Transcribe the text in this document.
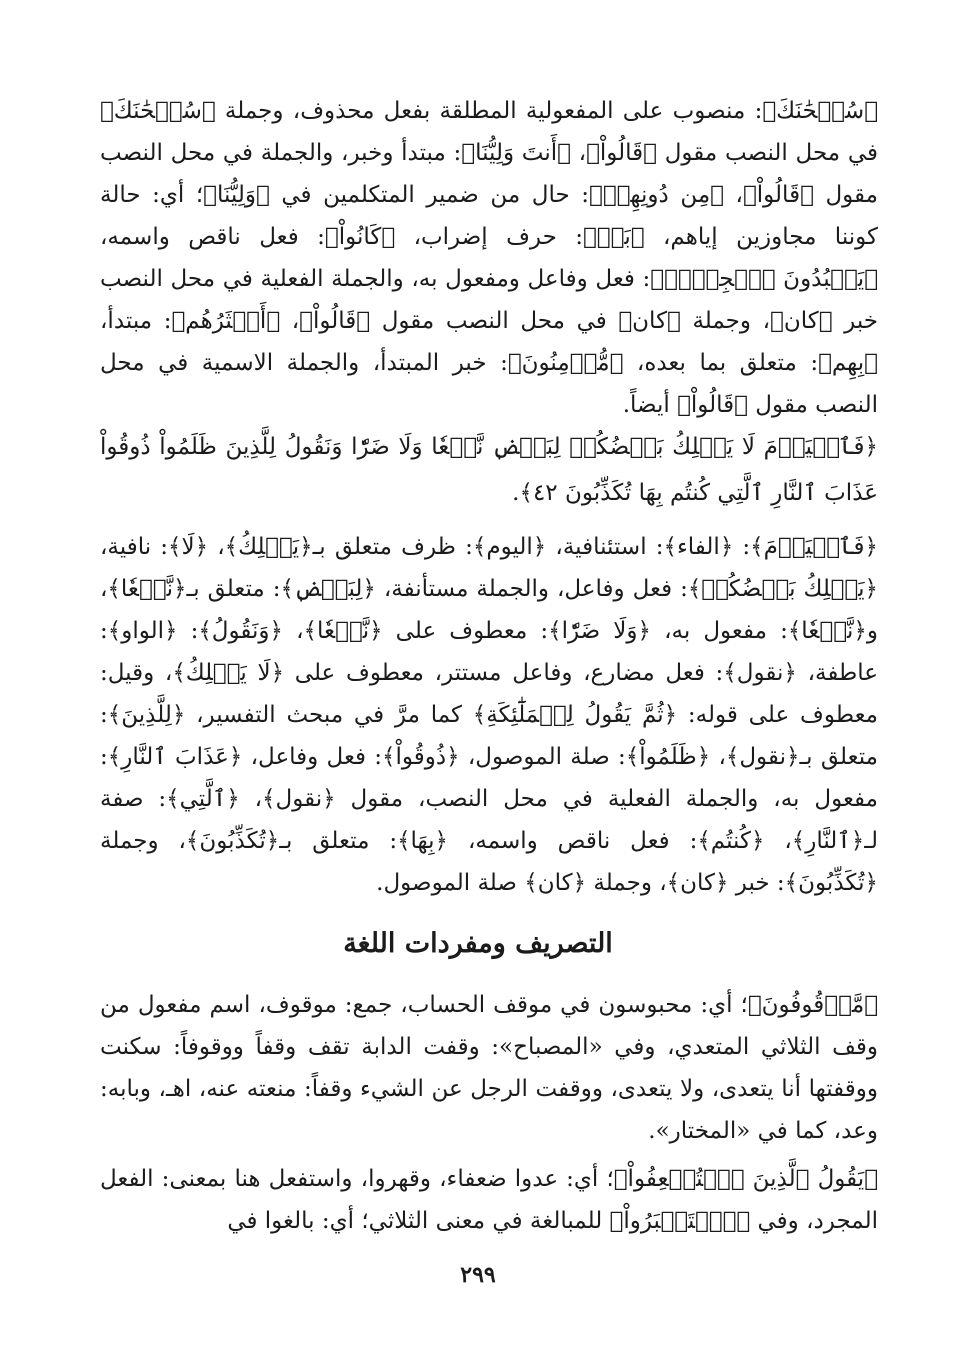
﴿سُبۡحَٰنَكَ﴾: منصوب على المفعولية المطلقة بفعل محذوف، وجملة ﴿سُبۡحَٰنَكَ﴾ في محل النصب مقول ﴿قَالُواْ﴾، ﴿أَنتَ وَلِيُّنَا﴾: مبتدأ وخبر، والجملة في محل النصب مقول ﴿قَالُواْ﴾، ﴿مِن دُونِهِمۖ﴾: حال من ضمير المتكلمين في ﴿وَلِيُّنَا﴾؛ أي: حالة كوننا مجاوزين إياهم، ﴿بَلۡ﴾: حرف إضراب، ﴿كَانُواْ﴾: فعل ناقص واسمه، ﴿يَعۡبُدُونَ ٱلۡجِنَّۖ﴾: فعل وفاعل ومفعول به، والجملة الفعلية في محل النصب خبر ﴿كان﴾، وجملة ﴿كان﴾ في محل النصب مقول ﴿قَالُواْ﴾، ﴿أَكۡثَرُهُم﴾: مبتدأ، ﴿بِهِم﴾: متعلق بما بعده، ﴿مُّؤۡمِنُونَ﴾: خبر المبتدأ، والجملة الاسمية في محل النصب مقول ﴿قَالُواْ﴾ أيضاً.

﴿فَٱلۡيَوۡمَ لَا يَمۡلِكُ بَعۡضُكُمۡ لِبَعۡضٖ نَّفۡعٗا وَلَا ضَرّٗا وَنَقُولُ لِلَّذِينَ ظَلَمُواْ ذُوقُواْ عَذَابَ ٱلنَّارِ ٱلَّتِي كُنتُم بِهَا تُكَذِّبُونَ ٤٢﴾.

﴿فَٱلۡيَوۡمَ﴾: ﴿الفاء﴾: استئنافية، ﴿اليوم﴾: ظرف متعلق بـ﴿يَمۡلِكُ﴾، ﴿لَا﴾: نافية، ﴿يَمۡلِكُ بَعۡضُكُمۡ﴾: فعل وفاعل، والجملة مستأنفة، ﴿لِبَعۡضٖ﴾: متعلق بـ﴿نَّفۡعٗا﴾، و﴿نَّفۡعٗا﴾: مفعول به، ﴿وَلَا ضَرّٗا﴾: معطوف على ﴿نَّفۡعٗا﴾، ﴿وَنَقُولُ﴾: ﴿الواو﴾: عاطفة، ﴿نقول﴾: فعل مضارع، وفاعل مستتر، معطوف على ﴿لَا يَمۡلِكُ﴾، وقيل: معطوف على قوله: ﴿ثُمَّ يَقُولُ لِلۡمَلَٰٓئِكَةِ﴾ كما مرَّ في مبحث التفسير، ﴿لِلَّذِينَ﴾: متعلق بـ﴿نقول﴾، ﴿ظَلَمُواْ﴾: صلة الموصول، ﴿ذُوقُواْ﴾: فعل وفاعل، ﴿عَذَابَ ٱلنَّارِ﴾: مفعول به، والجملة الفعلية في محل النصب، مقول ﴿نقول﴾، ﴿ٱلَّتِي﴾: صفة لـ﴿ٱلنَّارِ﴾، ﴿كُنتُم﴾: فعل ناقص واسمه، ﴿بِهَا﴾: متعلق بـ﴿تُكَذِّبُونَ﴾، وجملة ﴿تُكَذِّبُونَ﴾: خبر ﴿كان﴾، وجملة ﴿كان﴾ صلة الموصول.

التصريف ومفردات اللغة

﴿مَّوۡقُوفُونَ﴾؛ أي: محبوسون في موقف الحساب، جمع: موقوف، اسم مفعول من وقف الثلاثي المتعدي، وفي «المصباح»: وقفت الدابة تقف وقفاً ووقوفاً: سكنت ووقفتها أنا يتعدى، ولا يتعدى، ووقفت الرجل عن الشيء وقفاً: منعته عنه، اهـ، وبابه: وعد، كما في «المختار».

﴿يَقُولُ ٱلَّذِينَ ٱسۡتُضۡعِفُواْ﴾؛ أي: عدوا ضعفاء، وقهروا، واستفعل هنا بمعنى: الفعل المجرد، وفي ﴿ٱسۡتَكۡبَرُواْ﴾ للمبالغة في معنى الثلاثي؛ أي: بالغوا في

٢٩٩
